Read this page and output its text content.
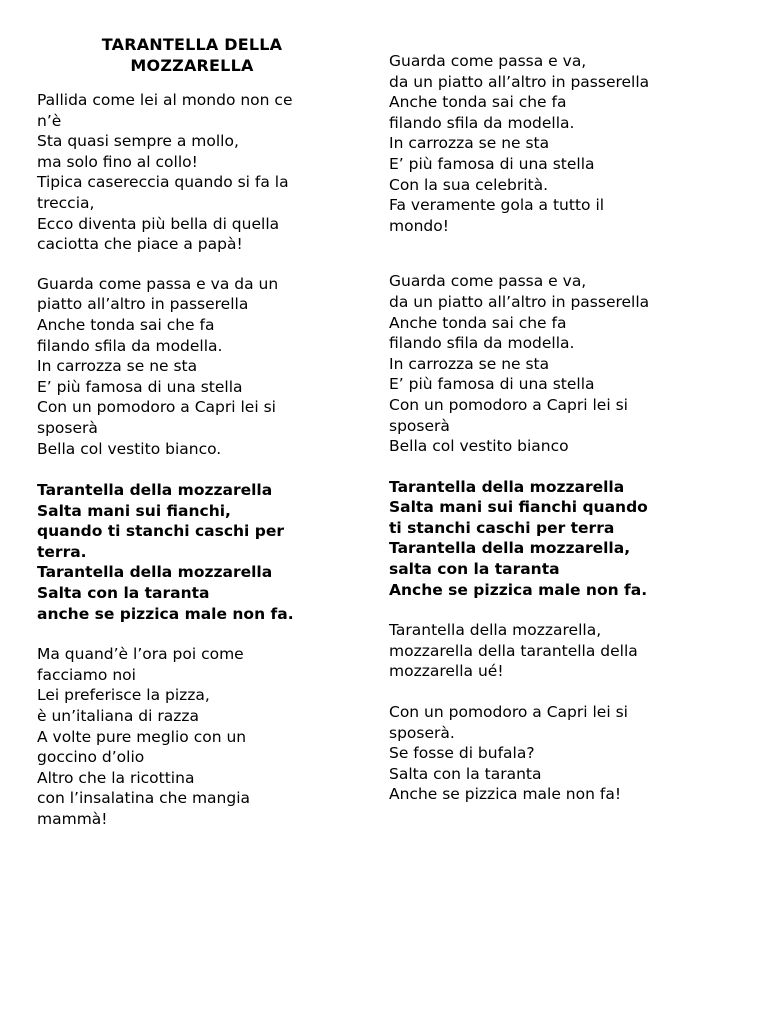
TARANTELLA DELLA
MOZZARELLA
Pallida come lei al mondo non ce
n’è
Sta quasi sempre a mollo,
ma solo fino al collo!
Tipica casereccia quando si fa la
treccia,
Ecco diventa più bella di quella
caciotta che piace a papà!
Guarda come passa e va da un
piatto all’altro in passerella
Anche tonda sai che fa
filando sfila da modella.
In carrozza se ne sta
E’ più famosa di una stella
Con un pomodoro a Capri lei si
sposerà
Bella col vestito bianco.
Tarantella della mozzarella
Salta mani sui fianchi,
quando ti stanchi caschi per
terra.
Tarantella della mozzarella
Salta con la taranta
anche se pizzica male non fa.
Ma quand’è l’ora poi come
facciamo noi
Lei preferisce la pizza,
è un’italiana di razza
A volte pure meglio con un
goccino d’olio
Altro che la ricottina
con l’insalatina che mangia
mammà!
Guarda come passa e va,
da un piatto all’altro in passerella
Anche tonda sai che fa
filando sfila da modella.
In carrozza se ne sta
E’ più famosa di una stella
Con la sua celebrità.
Fa veramente gola a tutto il
mondo!
Guarda come passa e va,
da un piatto all’altro in passerella
Anche tonda sai che fa
filando sfila da modella.
In carrozza se ne sta
E’ più famosa di una stella
Con un pomodoro a Capri lei si
sposerà
Bella col vestito bianco
Tarantella della mozzarella
Salta mani sui fianchi quando
ti stanchi caschi per terra
Tarantella della mozzarella,
salta con la taranta
Anche se pizzica male non fa.
Tarantella della mozzarella,
mozzarella della tarantella della
mozzarella ué!
Con un pomodoro a Capri lei si
sposerà.
Se fosse di bufala?
Salta con la taranta
Anche se pizzica male non fa!
